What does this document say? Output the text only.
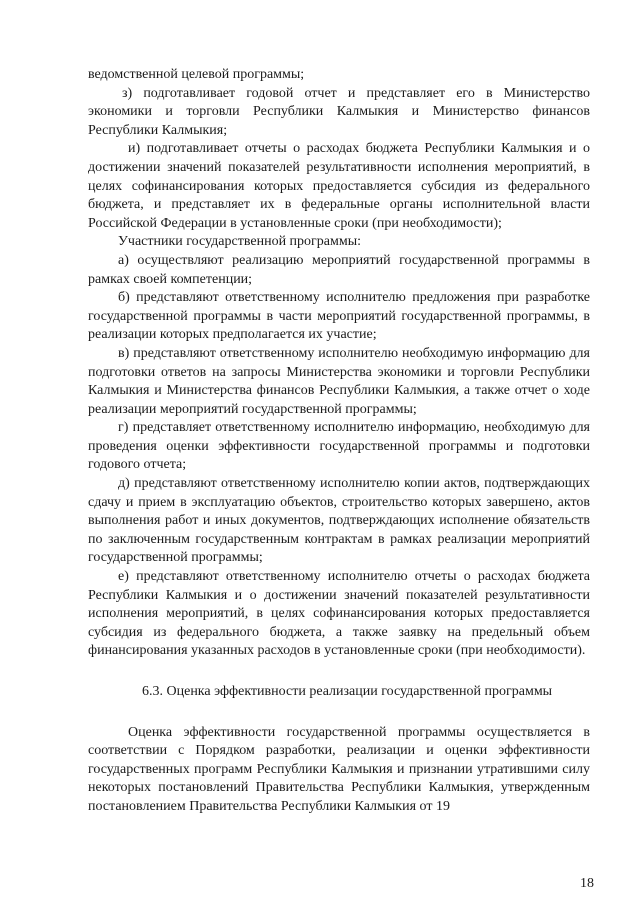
ведомственной целевой программы;

з) подготавливает годовой отчет и представляет его в Министерство экономики и торговли Республики Калмыкия и Министерство финансов Республики Калмыкия;

и) подготавливает отчеты о расходах бюджета Республики Калмыкия и о достижении значений показателей результативности исполнения мероприятий, в целях софинансирования которых предоставляется субсидия из федерального бюджета, и представляет их в федеральные органы исполнительной власти Российской Федерации в установленные сроки (при необходимости);

Участники государственной программы:

а) осуществляют реализацию мероприятий государственной программы в рамках своей компетенции;

б) представляют ответственному исполнителю предложения при разработке государственной программы в части мероприятий государственной программы, в реализации которых предполагается их участие;

в) представляют ответственному исполнителю необходимую информацию для подготовки ответов на запросы Министерства экономики и торговли Республики Калмыкия и Министерства финансов Республики Калмыкия, а также отчет о ходе реализации мероприятий государственной программы;

г) представляет ответственному исполнителю информацию, необходимую для проведения оценки эффективности государственной программы и подготовки годового отчета;

д) представляют ответственному исполнителю копии актов, подтверждающих сдачу и прием в эксплуатацию объектов, строительство которых завершено, актов выполнения работ и иных документов, подтверждающих исполнение обязательств по заключенным государственным контрактам в рамках реализации мероприятий государственной программы;

е) представляют ответственному исполнителю отчеты о расходах бюджета Республики Калмыкия и о достижении значений показателей результативности исполнения мероприятий, в целях софинансирования которых предоставляется субсидия из федерального бюджета, а также заявку на предельный объем финансирования указанных расходов в установленные сроки (при необходимости).

6.3. Оценка эффективности реализации государственной программы

Оценка эффективности государственной программы осуществляется в соответствии с Порядком разработки, реализации и оценки эффективности государственных программ Республики Калмыкия и признании утратившими силу некоторых постановлений Правительства Республики Калмыкия, утвержденным постановлением Правительства Республики Калмыкия от 19

18
